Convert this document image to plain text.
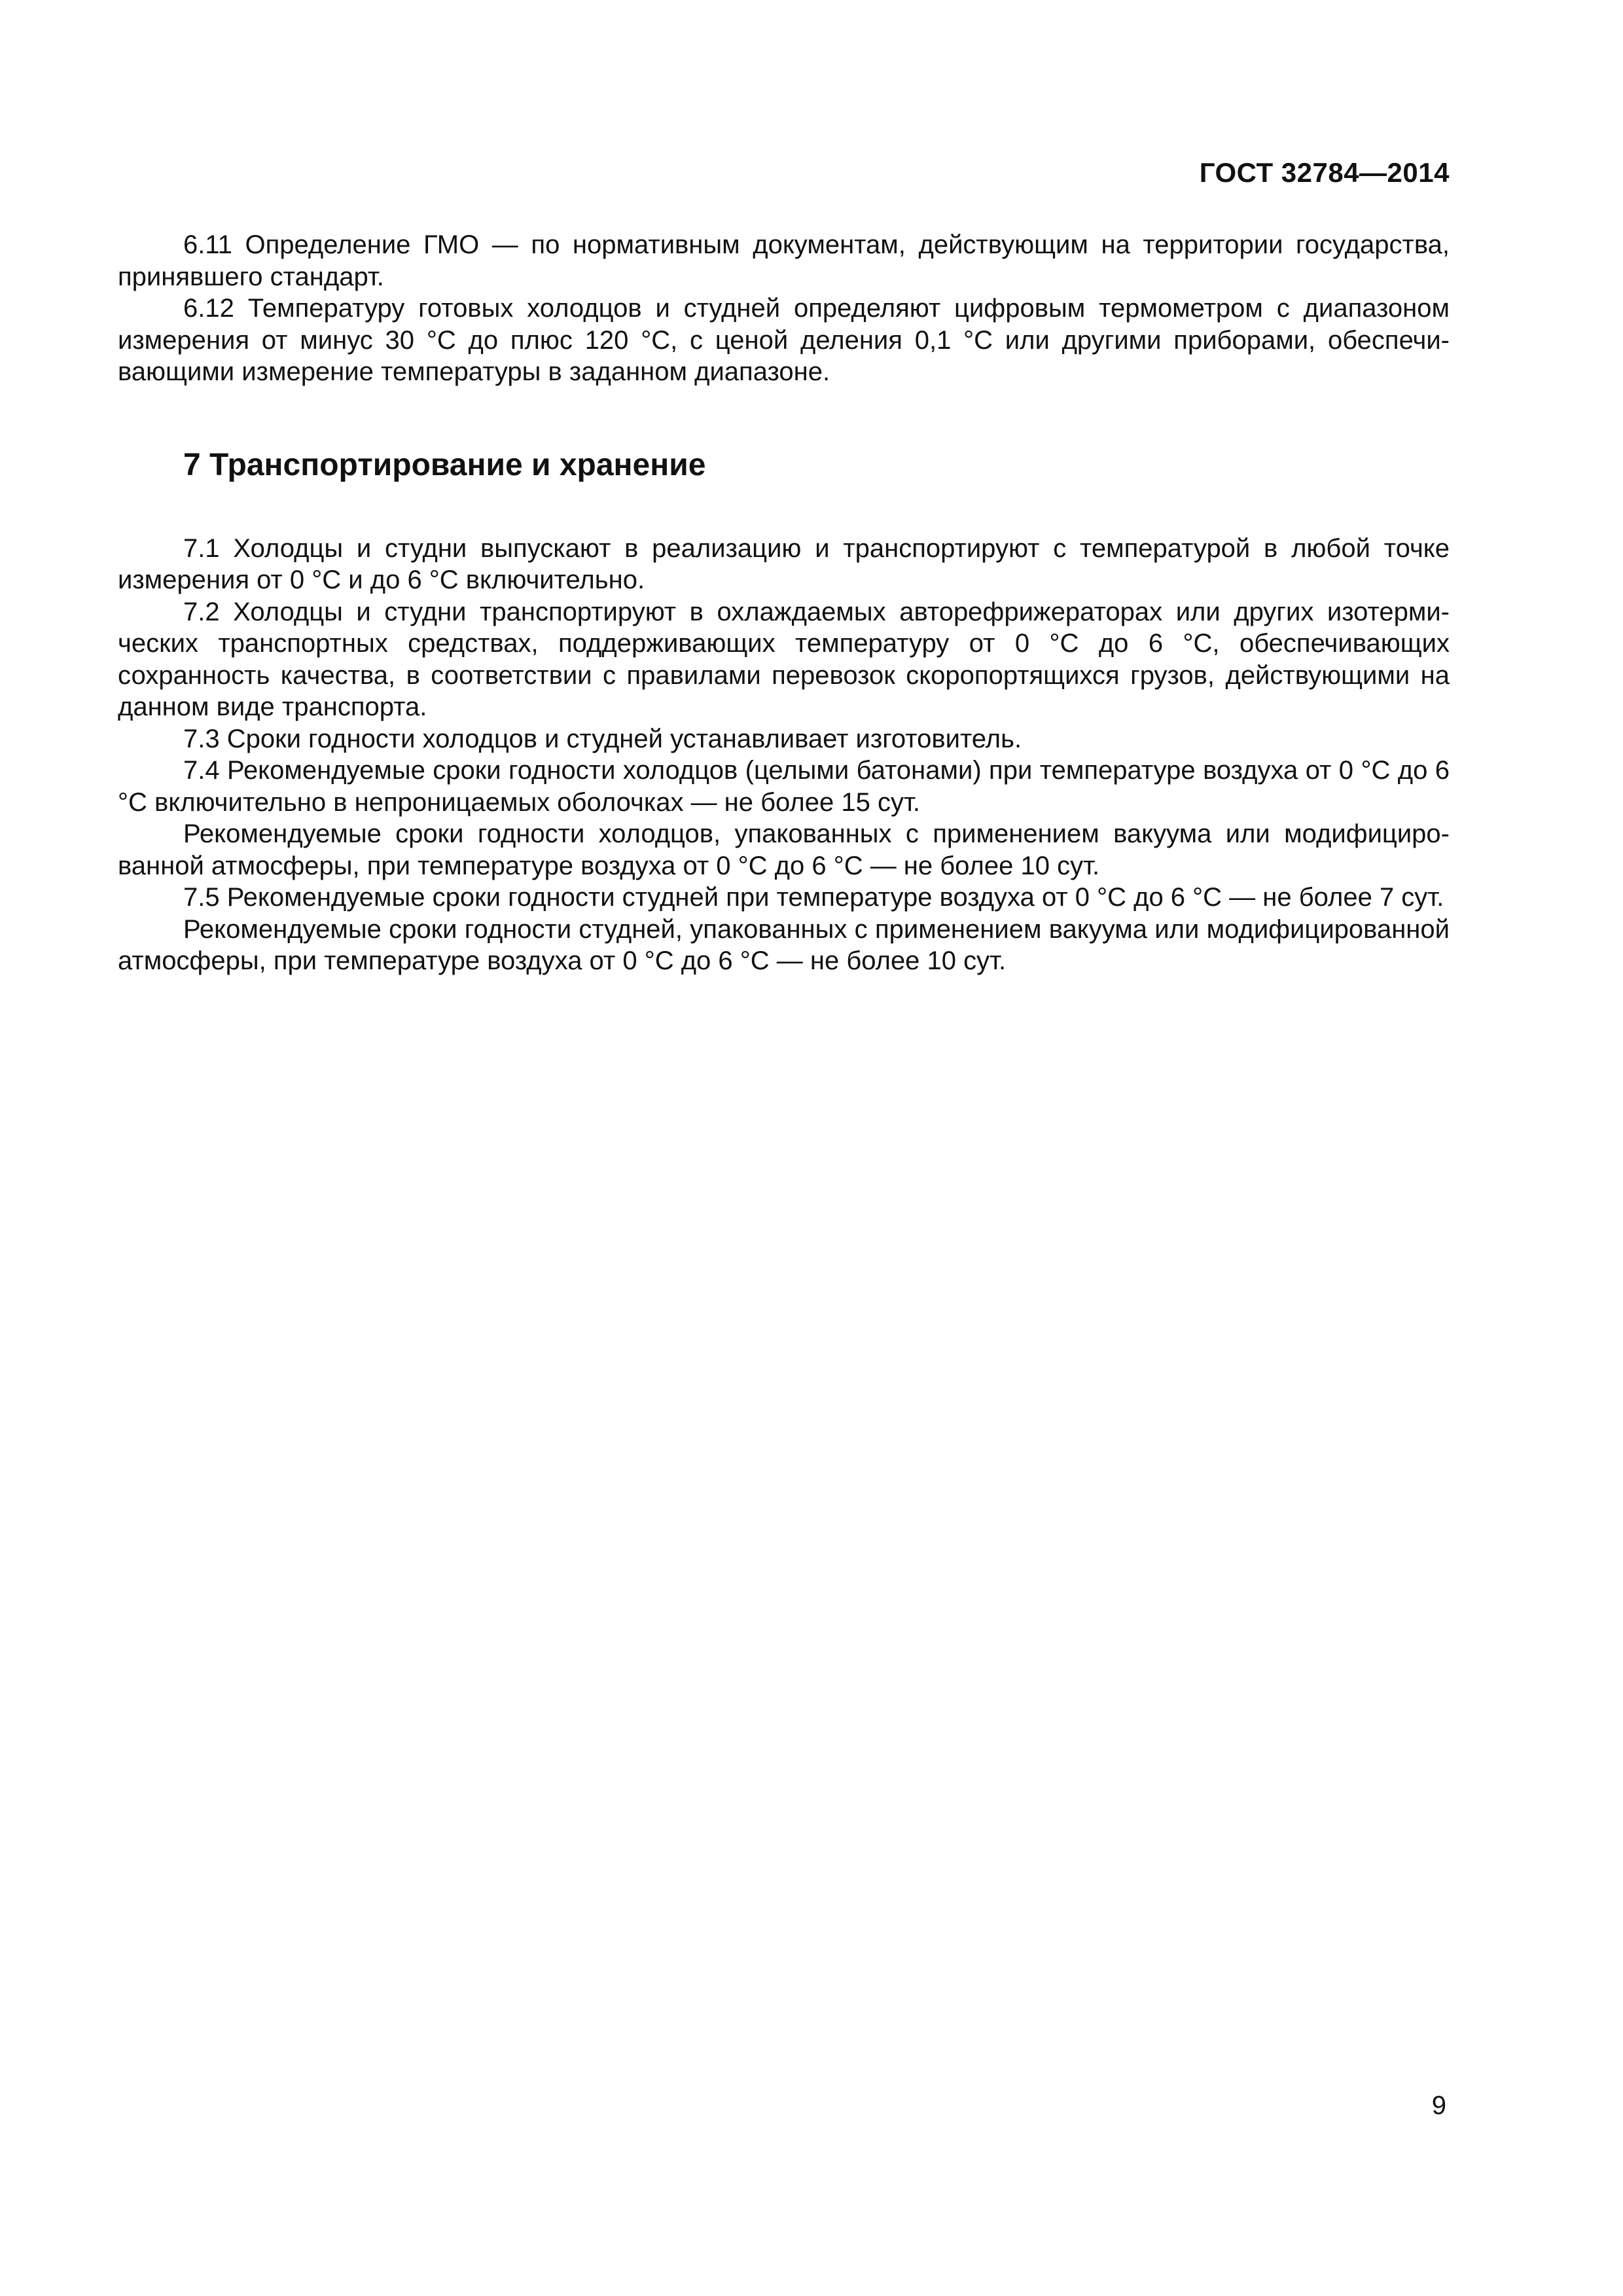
ГОСТ 32784—2014

6.11 Определение ГМО — по нормативным документам, действующим на территории государства, принявшего стандарт.

6.12 Температуру готовых холодцов и студней определяют цифровым термометром с диапазоном измерения от минус 30 °С до плюс 120 °С, с ценой деления 0,1 °С или другими приборами, обеспечивающими измерение температуры в заданном диапазоне.

7 Транспортирование и хранение

7.1 Холодцы и студни выпускают в реализацию и транспортируют с температурой в любой точке измерения от 0 °С и до 6 °С включительно.

7.2 Холодцы и студни транспортируют в охлаждаемых авторефрижераторах или других изотермических транспортных средствах, поддерживающих температуру от 0 °С до 6 °С, обеспечивающих сохранность качества, в соответствии с правилами перевозок скоропортящихся грузов, действующими на данном виде транспорта.

7.3 Сроки годности холодцов и студней устанавливает изготовитель.

7.4 Рекомендуемые сроки годности холодцов (целыми батонами) при температуре воздуха от 0 °С до 6 °С включительно в непроницаемых оболочках — не более 15 сут.

Рекомендуемые сроки годности холодцов, упакованных с применением вакуума или модифицированной атмосферы, при температуре воздуха от 0 °С до 6 °С — не более 10 сут.

7.5 Рекомендуемые сроки годности студней при температуре воздуха от 0 °С до 6 °С — не более 7 сут.

Рекомендуемые сроки годности студней, упакованных с применением вакуума или модифицированной атмосферы, при температуре воздуха от 0 °С до 6 °С — не более 10 сут.

9
